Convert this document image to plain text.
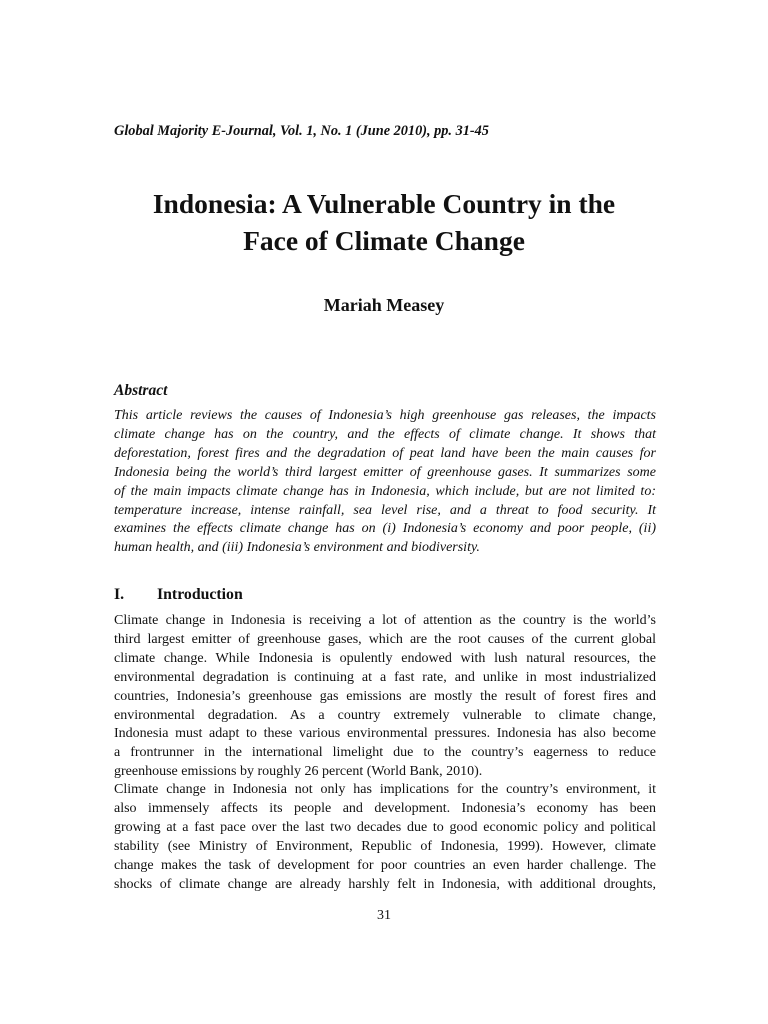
Global Majority E-Journal, Vol. 1, No. 1 (June 2010), pp. 31-45
Indonesia: A Vulnerable Country in the
Face of Climate Change
Mariah Measey
Abstract
This article reviews the causes of Indonesia’s high greenhouse gas releases, the impacts
climate change has on the country, and the effects of climate change. It shows that
deforestation, forest fires and the degradation of peat land have been the main causes for
Indonesia being the world’s third largest emitter of greenhouse gases. It summarizes some
of the main impacts climate change has in Indonesia, which include, but are not limited to:
temperature increase, intense rainfall, sea level rise, and a threat to food security. It
examines the effects climate change has on (i) Indonesia’s economy and poor people, (ii)
human health, and (iii) Indonesia’s environment and biodiversity.
I. Introduction
Climate change in Indonesia is receiving a lot of attention as the country is the world’s
third largest emitter of greenhouse gases, which are the root causes of the current global
climate change. While Indonesia is opulently endowed with lush natural resources, the
environmental degradation is continuing at a fast rate, and unlike in most industrialized
countries, Indonesia’s greenhouse gas emissions are mostly the result of forest fires and
environmental degradation. As a country extremely vulnerable to climate change,
Indonesia must adapt to these various environmental pressures. Indonesia has also become
a frontrunner in the international limelight due to the country’s eagerness to reduce
greenhouse emissions by roughly 26 percent (World Bank, 2010).
Climate change in Indonesia not only has implications for the country’s environment, it
also immensely affects its people and development. Indonesia’s economy has been
growing at a fast pace over the last two decades due to good economic policy and political
stability (see Ministry of Environment, Republic of Indonesia, 1999). However, climate
change makes the task of development for poor countries an even harder challenge. The
shocks of climate change are already harshly felt in Indonesia, with additional droughts,
31
